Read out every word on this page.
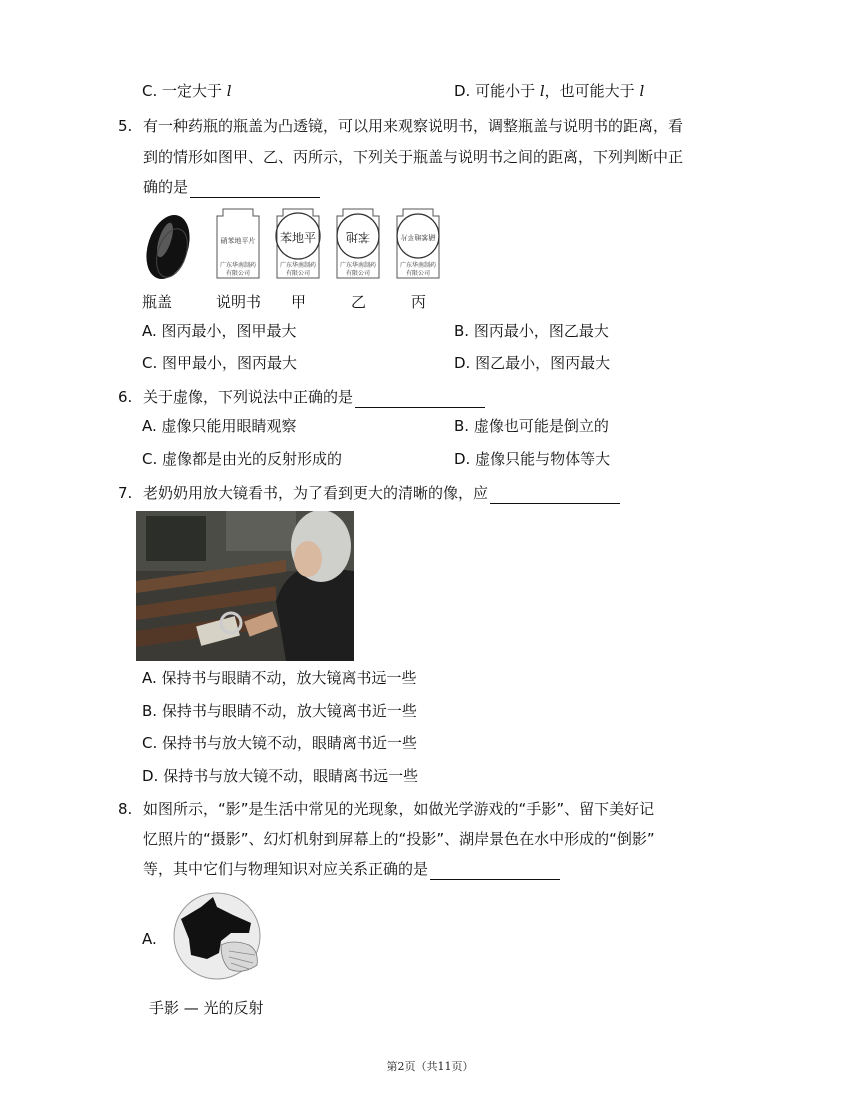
C. 一定大于 l	D. 可能小于 l，也可能大于 l
5. 有一种药瓶的瓶盖为凸透镜，可以用来观察说明书，调整瓶盖与说明书的距离，看
到的情形如图甲、乙、丙所示，下列关于瓶盖与说明书之间的距离，下列判断中正
确的是
硝苯地平片
广东华南制药
有限公司
苯地平
广东华南制药
有限公司
苯地
广东华南制药
有限公司
硝苯地平片
广东华南制药
有限公司
瓶盖	说明书 甲	乙	丙
A. 图丙最小，图甲最大	B. 图丙最小，图乙最大
C. 图甲最小，图丙最大	D. 图乙最小，图丙最大
6. 关于虚像，下列说法中正确的是
A. 虚像只能用眼睛观察	B. 虚像也可能是倒立的
C. 虚像都是由光的反射形成的	D. 虚像只能与物体等大
7. 老奶奶用放大镜看书，为了看到更大的清晰的像，应
A. 保持书与眼睛不动，放大镜离书远一些
B. 保持书与眼睛不动，放大镜离书近一些
C. 保持书与放大镜不动，眼睛离书近一些
D. 保持书与放大镜不动，眼睛离书远一些
8. 如图所示，“影”是生活中常见的光现象，如做光学游戏的“手影”、留下美好记
忆照片的“摄影”、幻灯机射到屏幕上的“投影”、湖岸景色在水中形成的“倒影”
等，其中它们与物理知识对应关系正确的是
A.
手影 — 光的反射
第2页（共11页）
